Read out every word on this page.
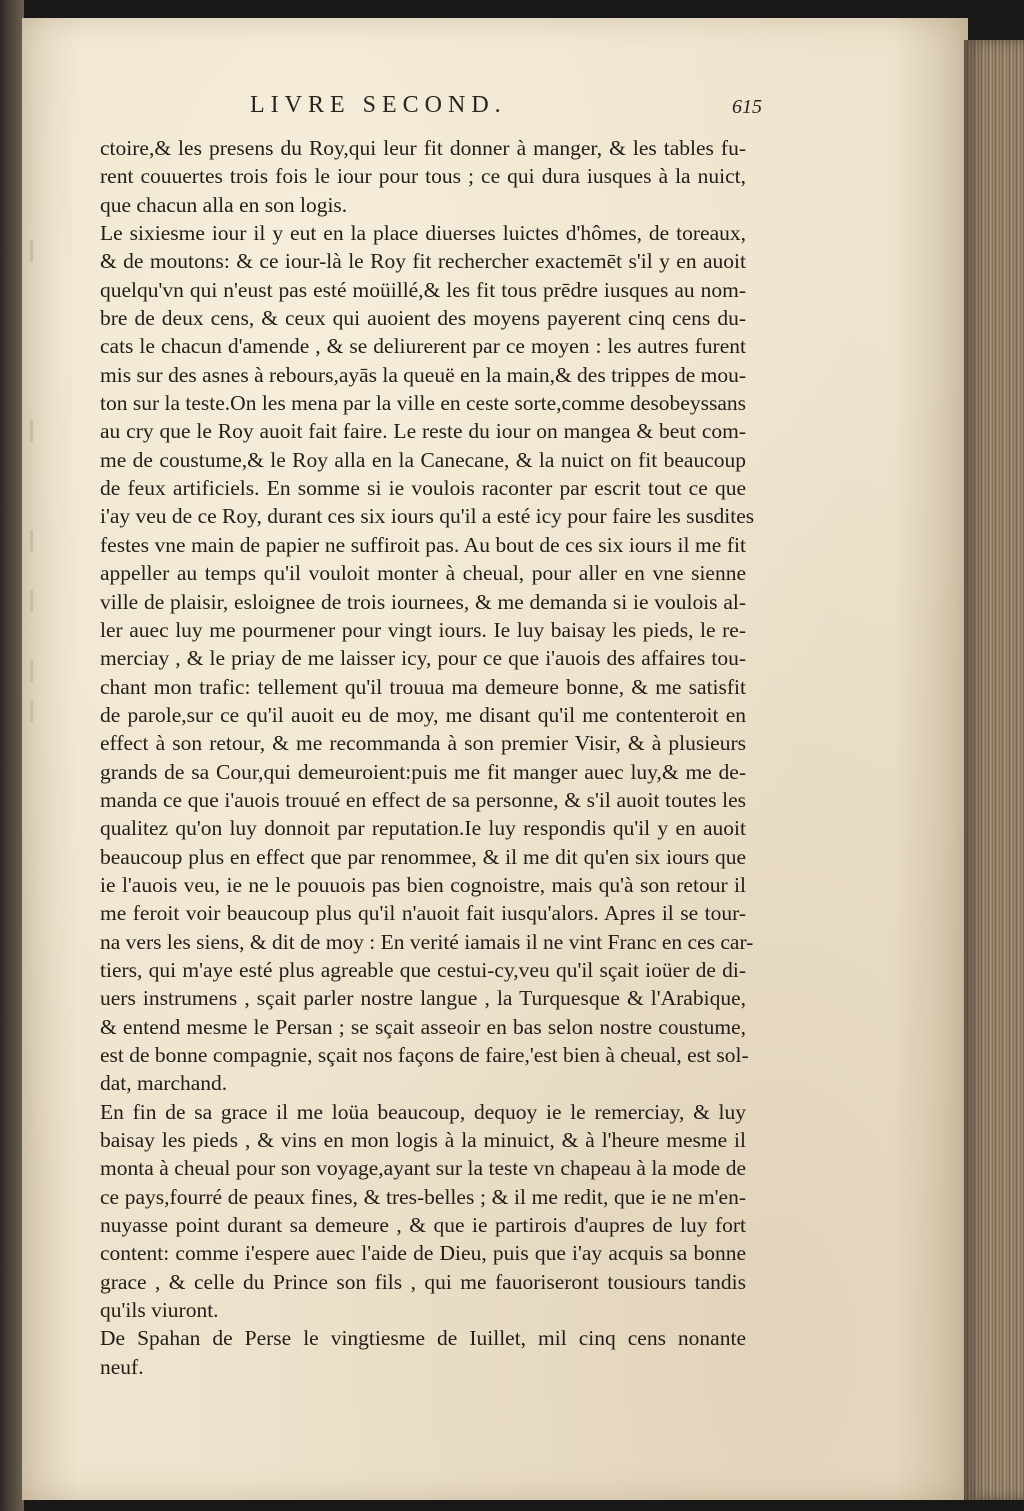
LIVRE SECOND.	615
ctoire,& les presens du Roy,qui leur fit donner à manger, & les tables fu-
rent couuertes trois fois le iour pour tous ; ce qui dura iusques à la nuict,
que chacun alla en son logis.
Le sixiesme iour il y eut en la place diuerses luictes d'hômes, de toreaux,
& de moutons: & ce iour-là le Roy fit rechercher exactemēt s'il y en auoit
quelqu'vn qui n'eust pas esté moüillé,& les fit tous prēdre iusques au nom-
bre de deux cens, & ceux qui auoient des moyens payerent cinq cens du-
cats le chacun d'amende , & se deliurerent par ce moyen : les autres furent
mis sur des asnes à rebours,ayās la queuë en la main,& des trippes de mou-
ton sur la teste.On les mena par la ville en ceste sorte,comme desobeyssans
au cry que le Roy auoit fait faire. Le reste du iour on mangea & beut com-
me de coustume,& le Roy alla en la Canecane, & la nuict on fit beaucoup
de feux artificiels. En somme si ie voulois raconter par escrit tout ce que
i'ay veu de ce Roy, durant ces six iours qu'il a esté icy pour faire les susdites
festes vne main de papier ne suffiroit pas. Au bout de ces six iours il me fit
appeller au temps qu'il vouloit monter à cheual, pour aller en vne sienne
ville de plaisir, esloignee de trois iournees, & me demanda si ie voulois al-
ler auec luy me pourmener pour vingt iours. Ie luy baisay les pieds, le re-
merciay , & le priay de me laisser icy, pour ce que i'auois des affaires tou-
chant mon trafic: tellement qu'il trouua ma demeure bonne, & me satisfit
de parole,sur ce qu'il auoit eu de moy, me disant qu'il me contenteroit en
effect à son retour, & me recommanda à son premier Visir, & à plusieurs
grands de sa Cour,qui demeuroient:puis me fit manger auec luy,& me de-
manda ce que i'auois trouué en effect de sa personne, & s'il auoit toutes les
qualitez qu'on luy donnoit par reputation.Ie luy respondis qu'il y en auoit
beaucoup plus en effect que par renommee, & il me dit qu'en six iours que
ie l'auois veu, ie ne le pouuois pas bien cognoistre, mais qu'à son retour il
me feroit voir beaucoup plus qu'il n'auoit fait iusqu'alors. Apres il se tour-
na vers les siens, & dit de moy : En verité iamais il ne vint Franc en ces car-
tiers, qui m'aye esté plus agreable que cestui-cy,veu qu'il sçait ioüer de di-
uers instrumens , sçait parler nostre langue , la Turquesque & l'Arabique,
& entend mesme le Persan ; se sçait asseoir en bas selon nostre coustume,
est de bonne compagnie, sçait nos façons de faire,'est bien à cheual, est sol-
dat, marchand.
En fin de sa grace il me loüa beaucoup, dequoy ie le remerciay, & luy
baisay les pieds , & vins en mon logis à la minuict, & à l'heure mesme il
monta à cheual pour son voyage,ayant sur la teste vn chapeau à la mode de
ce pays,fourré de peaux fines, & tres-belles ; & il me redit, que ie ne m'en-
nuyasse point durant sa demeure , & que ie partirois d'aupres de luy fort
content: comme i'espere auec l'aide de Dieu, puis que i'ay acquis sa bonne
grace , & celle du Prince son fils , qui me fauoriseront tousiours tandis
qu'ils viuront.
De Spahan de Perse le vingtiesme de Iuillet, mil cinq cens nonante
neuf.
